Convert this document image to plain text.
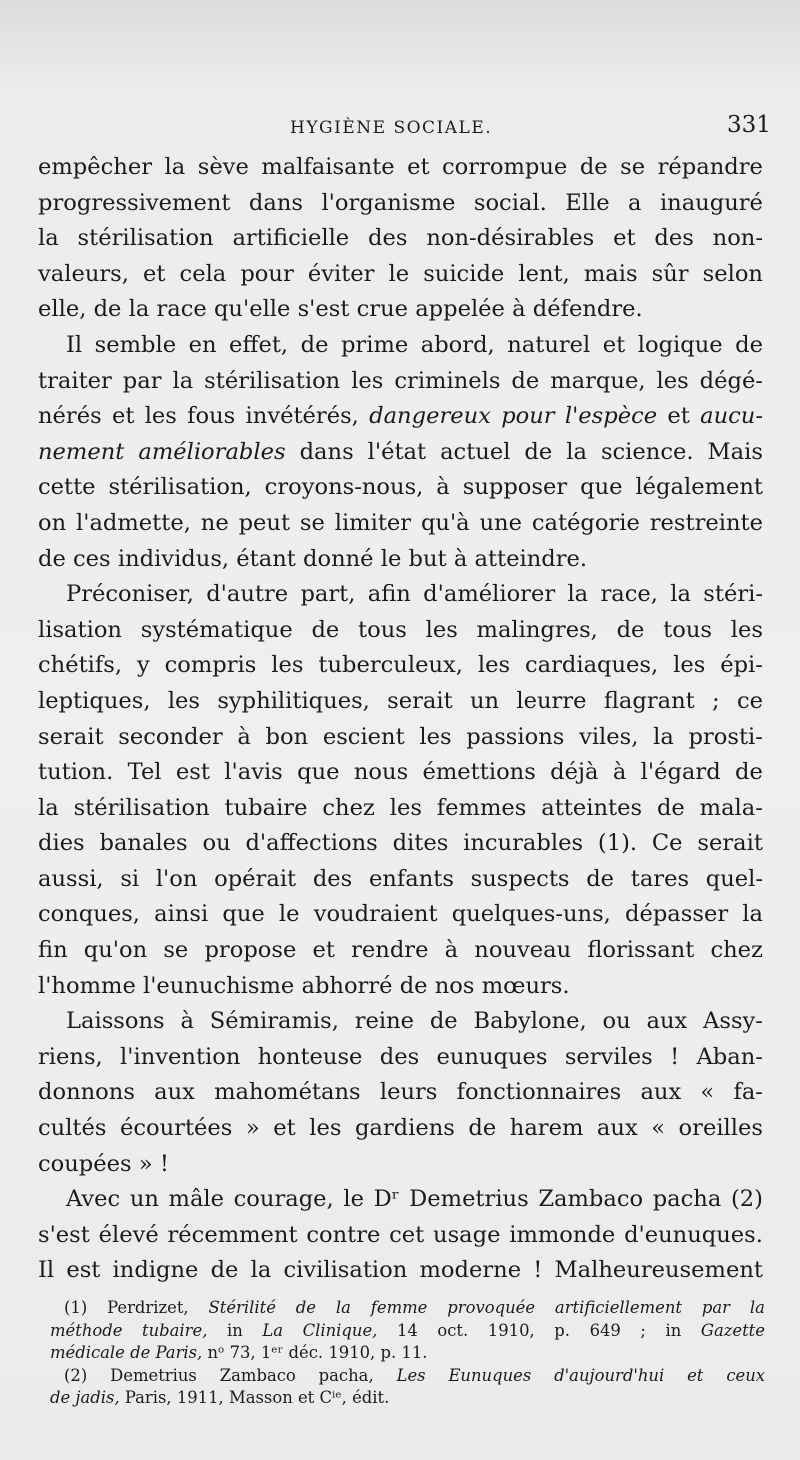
HYGIÈNE SOCIALE.	331
empêcher la sève malfaisante et corrompue de se répandre
progressivement dans l'organisme social. Elle a inauguré
la stérilisation artificielle des non-désirables et des non-
valeurs, et cela pour éviter le suicide lent, mais sûr selon
elle, de la race qu'elle s'est crue appelée à défendre.
Il semble en effet, de prime abord, naturel et logique de
traiter par la stérilisation les criminels de marque, les dégé-
nérés et les fous invétérés, dangereux pour l'espèce et aucu-
nement améliorables dans l'état actuel de la science. Mais
cette stérilisation, croyons-nous, à supposer que légalement
on l'admette, ne peut se limiter qu'à une catégorie restreinte
de ces individus, étant donné le but à atteindre.
Préconiser, d'autre part, afin d'améliorer la race, la stéri-
lisation systématique de tous les malingres, de tous les
chétifs, y compris les tuberculeux, les cardiaques, les épi-
leptiques, les syphilitiques, serait un leurre flagrant ; ce
serait seconder à bon escient les passions viles, la prosti-
tution. Tel est l'avis que nous émettions déjà à l'égard de
la stérilisation tubaire chez les femmes atteintes de mala-
dies banales ou d'affections dites incurables (1). Ce serait
aussi, si l'on opérait des enfants suspects de tares quel-
conques, ainsi que le voudraient quelques-uns, dépasser la
fin qu'on se propose et rendre à nouveau florissant chez
l'homme l'eunuchisme abhorré de nos mœurs.
Laissons à Sémiramis, reine de Babylone, ou aux Assy-
riens, l'invention honteuse des eunuques serviles ! Aban-
donnons aux mahométans leurs fonctionnaires aux « fa-
cultés écourtées » et les gardiens de harem aux « oreilles
coupées » !
Avec un mâle courage, le Dʳ Demetrius Zambaco pacha (2)
s'est élevé récemment contre cet usage immonde d'eunuques.
Il est indigne de la civilisation moderne ! Malheureusement
(1) Perdrizet, Stérilité de la femme provoquée artificiellement par la
méthode tubaire, in La Clinique, 14 oct. 1910, p. 649 ; in Gazette
médicale de Paris, nᵒ 73, 1ᵉʳ déc. 1910, p. 11.
(2) Demetrius Zambaco pacha, Les Eunuques d'aujourd'hui et ceux
de jadis, Paris, 1911, Masson et Cⁱᵉ, édit.
